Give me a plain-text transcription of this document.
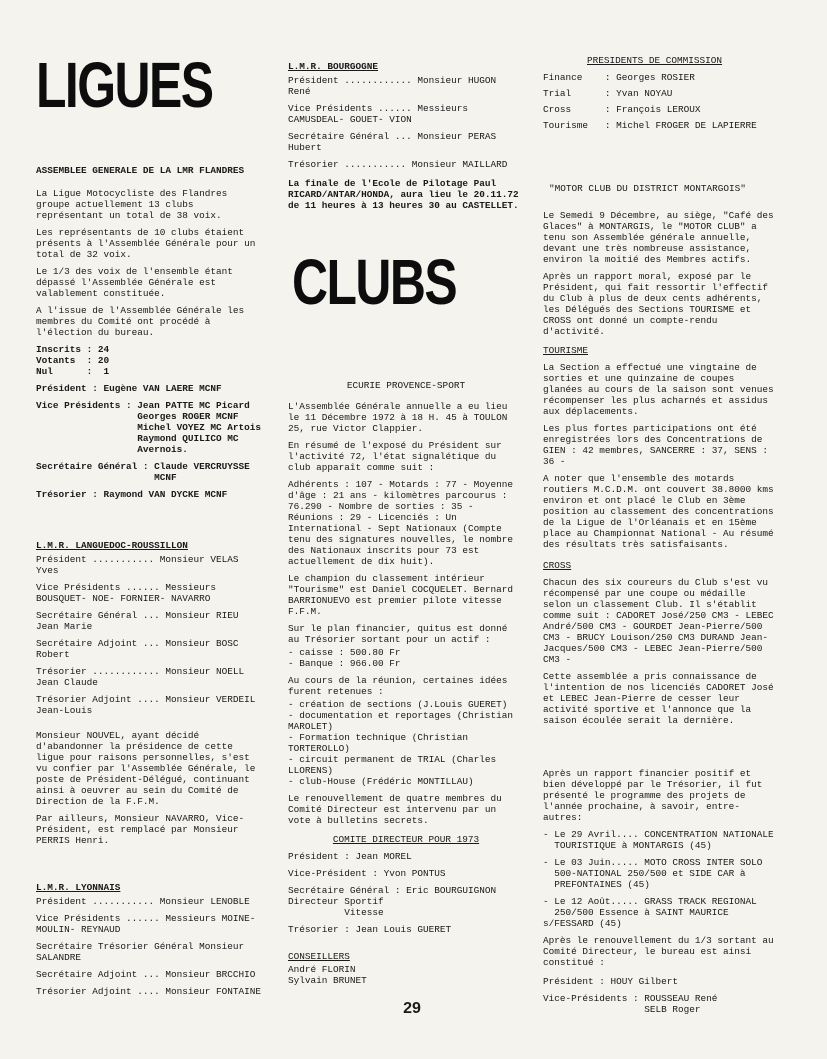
LIGUES
ASSEMBLEE GENERALE DE LA LMR FLANDRES
La Ligue Motocycliste des Flandres groupe actuellement 13 clubs représentant un total de 38 voix.
Les représentants de 10 clubs étaient présents à l'Assemblée Générale pour un total de 32 voix.
Le 1/3 des voix de l'ensemble étant dépassé l'Assemblée Générale est valablement constituée.
A l'issue de l'Assemblée Générale les membres du Comité ont procédé à l'élection du bureau.
Inscrits : 24
Votants  : 20
Nul      :  1
Président : Eugène VAN LAERE MCNF
Vice Présidents : Jean PATTE MC Picard
Georges ROGER MCNF
Michel VOYEZ MC Artois
Raymond QUILICO MC
Avernois.
Secrétaire Général : Claude VERCRUYSSE
MCNF
Trésorier : Raymond VAN DYCKE MCNF
L.M.R. LANGUEDOC-ROUSSILLON
Président ........... Monsieur VELAS Yves
Vice Présidents ...... Messieurs BOUSQUET- NOE- FORNIER- NAVARRO
Secrétaire Général ... Monsieur RIEU Jean Marie
Secrétaire Adjoint ... Monsieur BOSC Robert
Trésorier ............ Monsieur NOELL Jean Claude
Trésorier Adjoint .... Monsieur VERDEIL Jean-Louis
Monsieur NOUVEL, ayant décidé d'abandonner la présidence de cette ligue pour raisons personnelles, s'est vu confier par l'Assemblée Générale, le poste de Président-Délégué, continuant ainsi à oeuvrer au sein du Comité de Direction de la F.F.M.
Par ailleurs, Monsieur NAVARRO, Vice-Président, est remplacé par Monsieur PERRIS Henri.
L.M.R. LYONNAIS
Président ........... Monsieur LENOBLE
Vice Présidents ...... Messieurs MOINE-MOULIN- REYNAUD
Secrétaire Trésorier Général Monsieur SALANDRE
Secrétaire Adjoint ... Monsieur BRCCHIO
Trésorier Adjoint .... Monsieur FONTAINE
L.M.R. BOURGOGNE
Président ............ Monsieur HUGON René
Vice Présidents ...... Messieurs CAMUSDEAL- GOUET- VION
Secrétaire Général ... Monsieur PERAS Hubert
Trésorier ........... Monsieur MAILLARD
La finale de l'Ecole de Pilotage Paul RICARD/ANTAR/HONDA, aura lieu le 20.11.72 de 11 heures à 13 heures 30 au CASTELLET.
CLUBS
ECURIE PROVENCE-SPORT
L'Assemblée Générale annuelle a eu lieu le 11 Décembre 1972 à 18 H. 45 à TOULON 25, rue Victor Clappier.
En résumé de l'exposé du Président sur l'activité 72, l'état signalétique du club apparaît comme suit :
Adhérents : 107 - Motards : 77 - Moyenne d'âge : 21 ans - kilomètres parcourus : 76.290 - Nombre de sorties : 35 - Réunions : 29 - Licenciés : Un International - Sept Nationaux (Compte tenu des signatures nouvelles, le nombre des Nationaux inscrits pour 73 est actuellement de dix huit).
Le champion du classement intérieur "Tourisme" est Daniel COCQUELET. Bernard BARRIONUEVO est premier pilote vitesse F.F.M.
Sur le plan financier, quitus est donné au Trésorier sortant pour un actif :
- caisse : 500.80 Fr
- Banque : 966.00 Fr
Au cours de la réunion, certaines idées furent retenues :
- création de sections (J.Louis GUERET)
- documentation et reportages (Christian MAROLET)
- Formation technique (Christian TORTEROLLO)
- circuit permanent de TRIAL (Charles LLORENS)
- club-House (Frédéric MONTILLAU)
Le renouvellement de quatre membres du Comité Directeur est intervenu par un vote à bulletins secrets.
COMITE DIRECTEUR POUR 1973
Président : Jean MOREL
Vice-Président : Yvon PONTUS
Secrétaire Général : Eric BOURGUIGNON
Directeur Sportif
Vitesse
Trésorier : Jean Louis GUERET
CONSEILLERS
André FLORIN
Sylvain BRUNET
PRESIDENTS DE COMMISSION
Finance    : Georges ROSIER
Trial      : Yvan NOYAU
Cross      : François LEROUX
Tourisme   : Michel FROGER DE LAPIERRE
"MOTOR CLUB DU DISTRICT MONTARGOIS"
Le Semedi 9 Décembre, au siège, "Café des Glaces" à MONTARGIS, le "MOTOR CLUB" a tenu son Assemblée générale annuelle, devant une très nombreuse assistance, environ la moitié des Membres actifs.
Après un rapport moral, exposé par le Président, qui fait ressortir l'effectif du Club à plus de deux cents adhérents, les Délégués des Sections TOURISME et CROSS ont donné un compte-rendu d'activité.
TOURISME
La Section a effectué une vingtaine de sorties et une quinzaine de coupes glanées au cours de la saison sont venues récompenser les plus acharnés et assidus aux déplacements.
Les plus fortes participations ont été enregistrées lors des Concentrations de GIEN : 42 membres, SANCERRE : 37, SENS : 36 -
A noter que l'ensemble des motards routiers M.C.D.M. ont couvert 38.8000 kms environ et ont placé le Club en 3ème position au classement des concentrations de la Ligue de l'Orléanais et en 15ème place au Championnat National - Au résumé des résultats très satisfaisants.
CROSS
Chacun des six coureurs du Club s'est vu récompensé par une coupe ou médaille selon un classement Club. Il s'établit comme suit : CADORET José/250 CM3 - LEBEC André/500 CM3 - GOURDET Jean-Pierre/500 CM3 - BRUCY Louison/250 CM3 DURAND Jean-Jacques/500 CM3 - LEBEC Jean-Pierre/500 CM3 -
Cette assemblée a pris connaissance de l'intention de nos licenciés CADORET José et LEBEC Jean-Pierre de cesser leur activité sportive et l'annonce que la saison écoulée serait la dernière.
Après un rapport financier positif et bien développé par le Trésorier, il fut présenté le programme des projets de l'année prochaine, à savoir, entre-autres:
- Le 29 Avril.... CONCENTRATION NATIONALE
TOURISTIQUE à MONTARGIS (45)
- Le 03 Juin..... MOTO CROSS INTER SOLO
500-NATIONAL 250/500 et SIDE CAR à
PREFONTAINES (45)
- Le 12 Août..... GRASS TRACK REGIONAL
250/500 Essence à SAINT MAURICE s/FESSARD (45)
Après le renouvellement du 1/3 sortant au Comité Directeur, le bureau est ainsi constitué :
Président : HOUY Gilbert
Vice-Présidents : ROUSSEAU René
SELB Roger
29
